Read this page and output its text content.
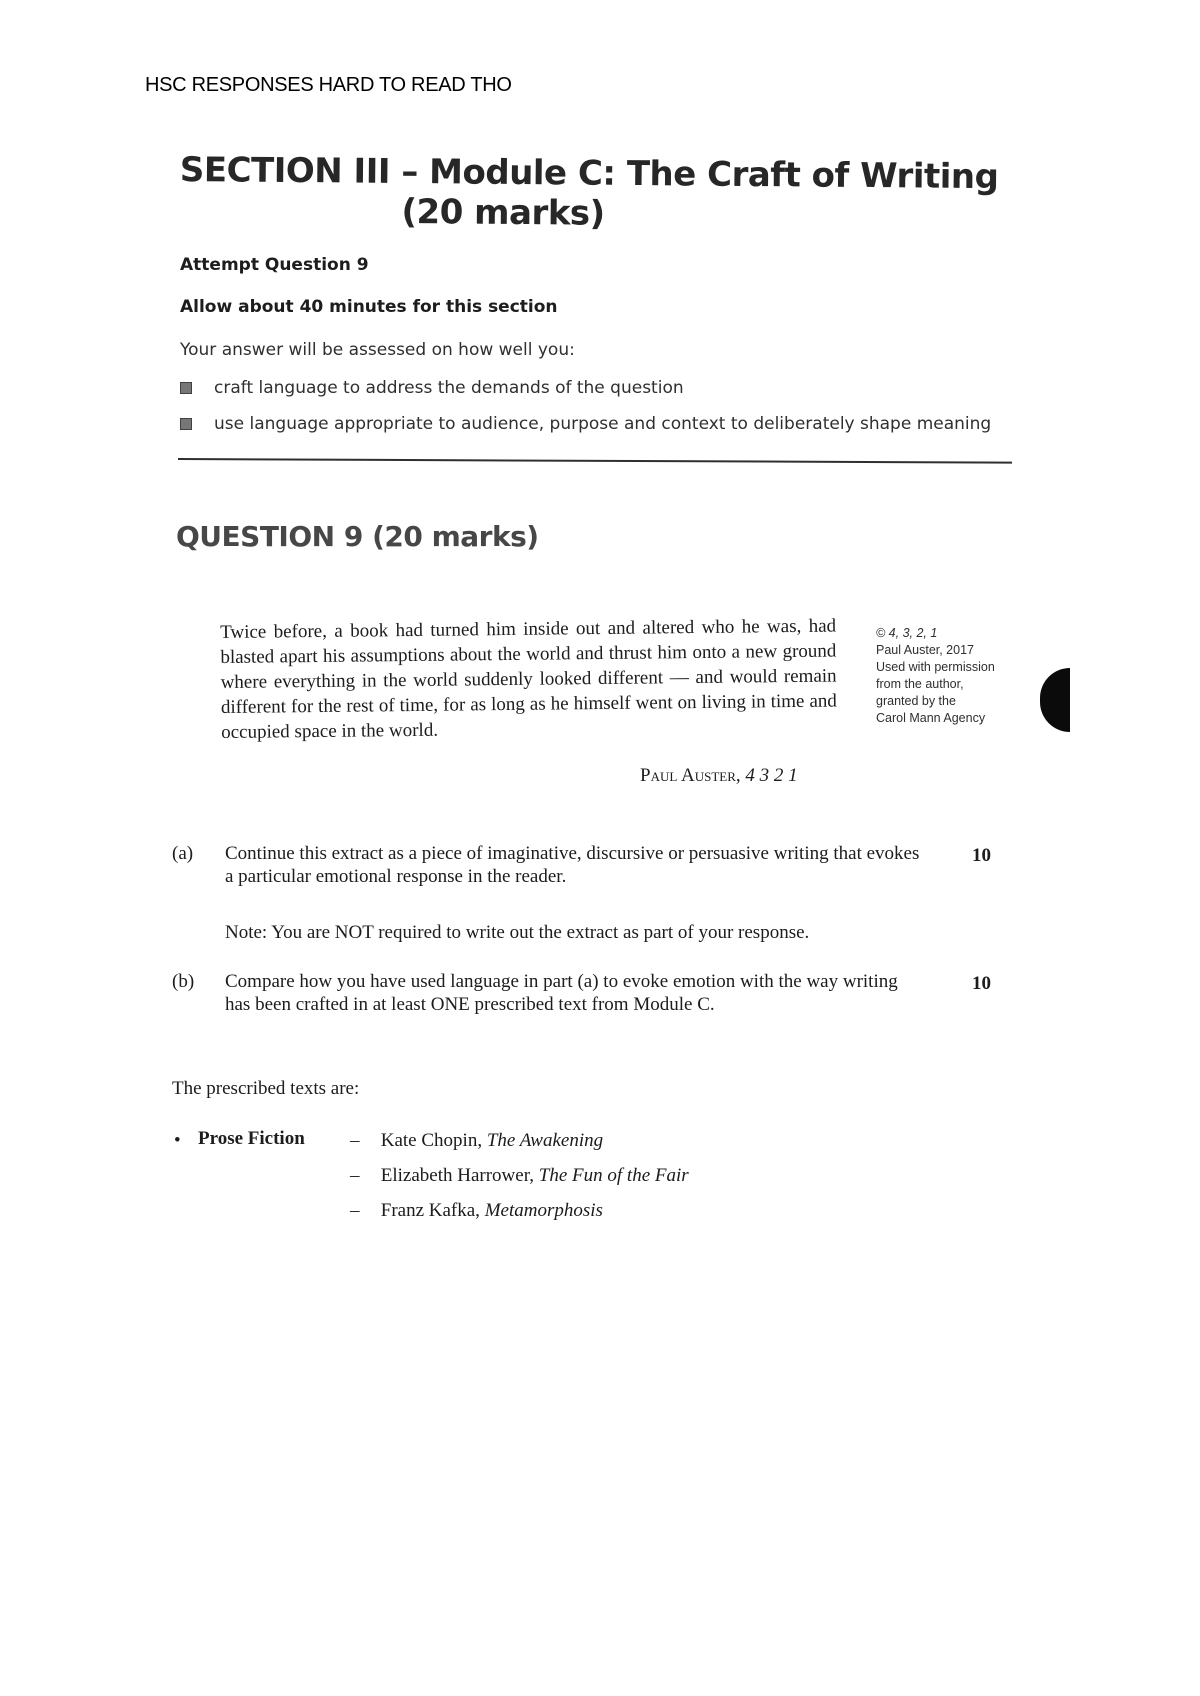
HSC RESPONSES HARD TO READ THO
SECTION III – Module C: The Craft of Writing
(20 marks)
Attempt Question 9
Allow about 40 minutes for this section
Your answer will be assessed on how well you:
craft language to address the demands of the question
use language appropriate to audience, purpose and context to deliberately shape meaning
QUESTION 9 (20 marks)
Twice before, a book had turned him inside out and altered who he was, had blasted apart his assumptions about the world and thrust him onto a new ground where everything in the world suddenly looked different — and would remain different for the rest of time, for as long as he himself went on living in time and occupied space in the world.
Paul Auster, 4 3 2 1
© 4, 3, 2, 1
Paul Auster, 2017
Used with permission
from the author,
granted by the
Carol Mann Agency
(a) Continue this extract as a piece of imaginative, discursive or persuasive writing that evokes a particular emotional response in the reader.
10
Note: You are NOT required to write out the extract as part of your response.
(b) Compare how you have used language in part (a) to evoke emotion with the way writing has been crafted in at least ONE prescribed text from Module C.
10
The prescribed texts are:
• Prose Fiction – Kate Chopin, The Awakening
– Elizabeth Harrower, The Fun of the Fair
– Franz Kafka, Metamorphosis
